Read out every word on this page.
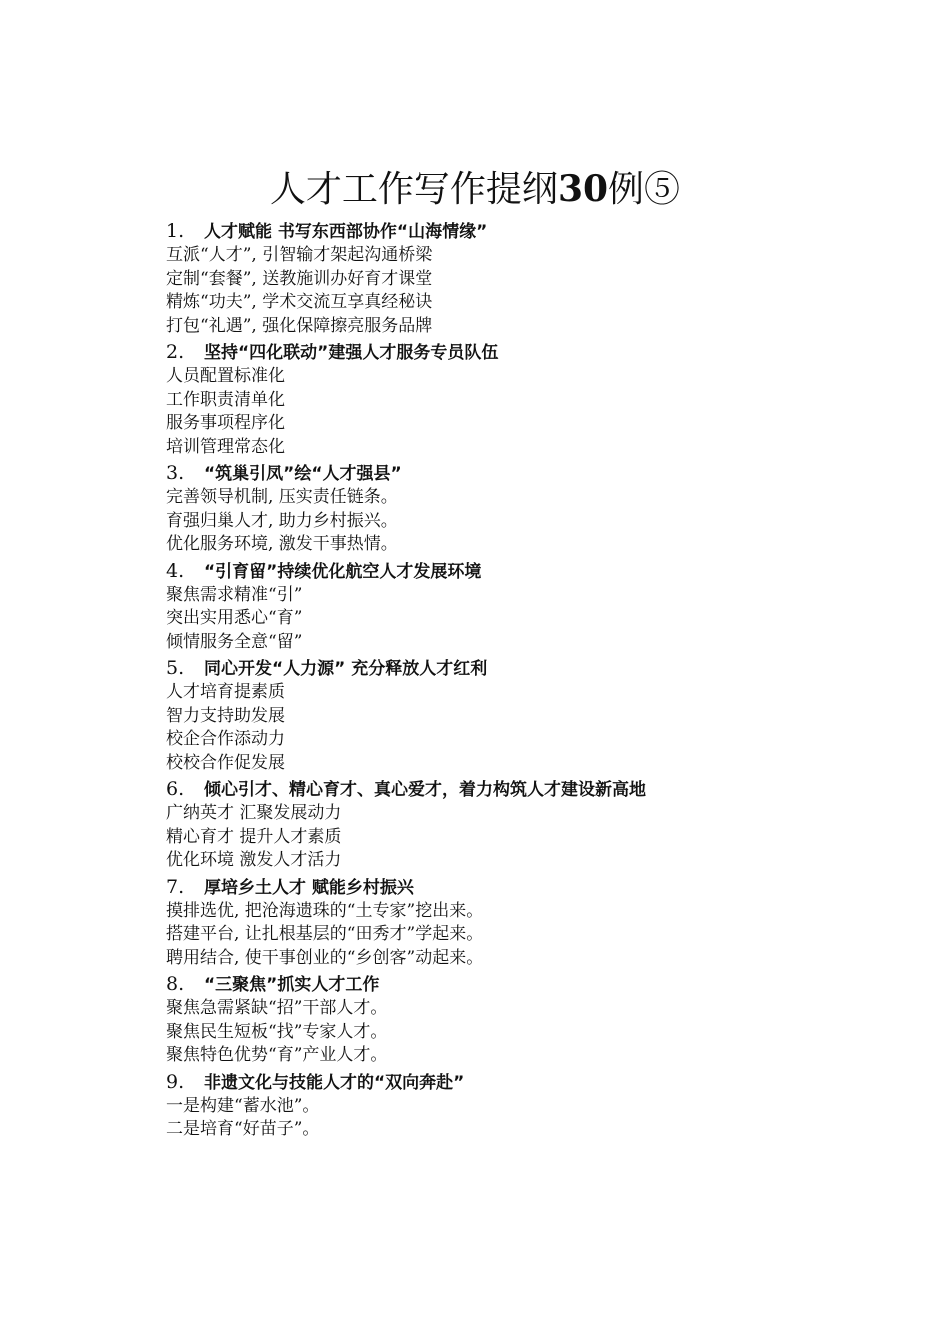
人才工作写作提纲30例⑤
1. 人才赋能 书写东西部协作“山海情缘”
互派“人才”, 引智输才架起沟通桥梁
定制“套餐”, 送教施训办好育才课堂
精炼“功夫”, 学术交流互享真经秘诀
打包“礼遇”, 强化保障擦亮服务品牌
2. 坚持“四化联动”建强人才服务专员队伍
人员配置标准化
工作职责清单化
服务事项程序化
培训管理常态化
3. “筑巢引凤”绘“人才强县”
完善领导机制, 压实责任链条。
育强归巢人才, 助力乡村振兴。
优化服务环境, 激发干事热情。
4. “引育留”持续优化航空人才发展环境
聚焦需求精准“引”
突出实用悉心“育”
倾情服务全意“留”
5. 同心开发“人力源” 充分释放人才红利
人才培育提素质
智力支持助发展
校企合作添动力
校校合作促发展
6. 倾心引才、精心育才、真心爱才，着力构筑人才建设新高地
广纳英才 汇聚发展动力
精心育才 提升人才素质
优化环境 激发人才活力
7. 厚培乡土人才 赋能乡村振兴
摸排选优, 把沧海遗珠的“土专家”挖出来。
搭建平台, 让扎根基层的“田秀才”学起来。
聘用结合, 使干事创业的“乡创客”动起来。
8. “三聚焦”抓实人才工作
聚焦急需紧缺“招”干部人才。
聚焦民生短板“找”专家人才。
聚焦特色优势“育”产业人才。
9. 非遗文化与技能人才的“双向奔赴”
一是构建“蓄水池”。
二是培育“好苗子”。
